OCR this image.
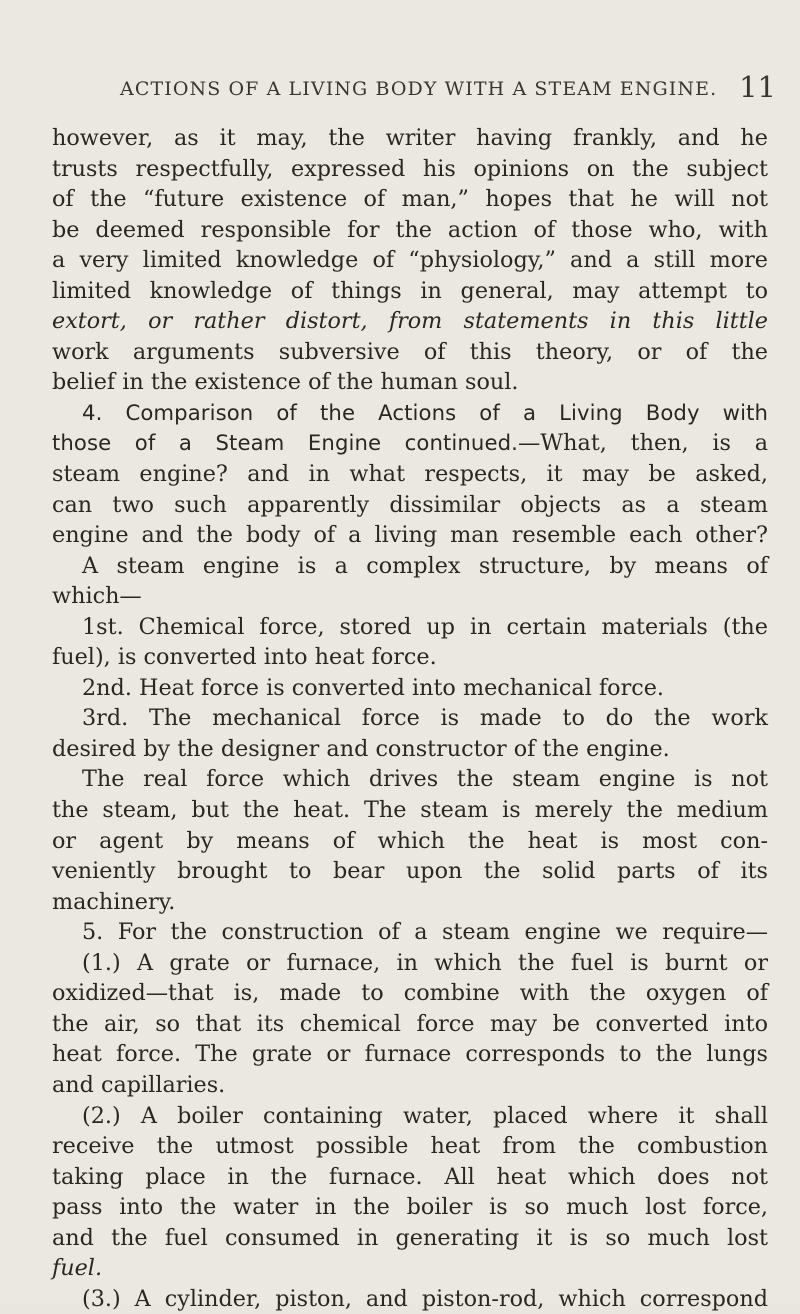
ACTIONS OF A LIVING BODY WITH A STEAM ENGINE. 11

however, as it may, the writer having frankly, and he

trusts respectfully, expressed his opinions on the subject

of the “future existence of man,” hopes that he will not

be deemed responsible for the action of those who, with

a very limited knowledge of “physiology,” and a still more

limited knowledge of things in general, may attempt to

extort, or rather distort, from statements in this little

work arguments subversive of this theory, or of the

belief in the existence of the human soul.

4. Comparison of the Actions of a Living Body with

those of a Steam Engine continued.—What, then, is a

steam engine? and in what respects, it may be asked,

can two such apparently dissimilar objects as a steam

engine and the body of a living man resemble each other?

A steam engine is a complex structure, by means of

which—

1st. Chemical force, stored up in certain materials (the

fuel), is converted into heat force.

2nd. Heat force is converted into mechanical force.

3rd. The mechanical force is made to do the work

desired by the designer and constructor of the engine.

The real force which drives the steam engine is not

the steam, but the heat. The steam is merely the medium

or agent by means of which the heat is most con-

veniently brought to bear upon the solid parts of its

machinery.

5. For the construction of a steam engine we require—

(1.) A grate or furnace, in which the fuel is burnt or

oxidized—that is, made to combine with the oxygen of

the air, so that its chemical force may be converted into

heat force. The grate or furnace corresponds to the lungs

and capillaries.

(2.) A boiler containing water, placed where it shall

receive the utmost possible heat from the combustion

taking place in the furnace. All heat which does not

pass into the water in the boiler is so much lost force,

and the fuel consumed in generating it is so much lost

fuel.

(3.) A cylinder, piston, and piston-rod, which correspond
